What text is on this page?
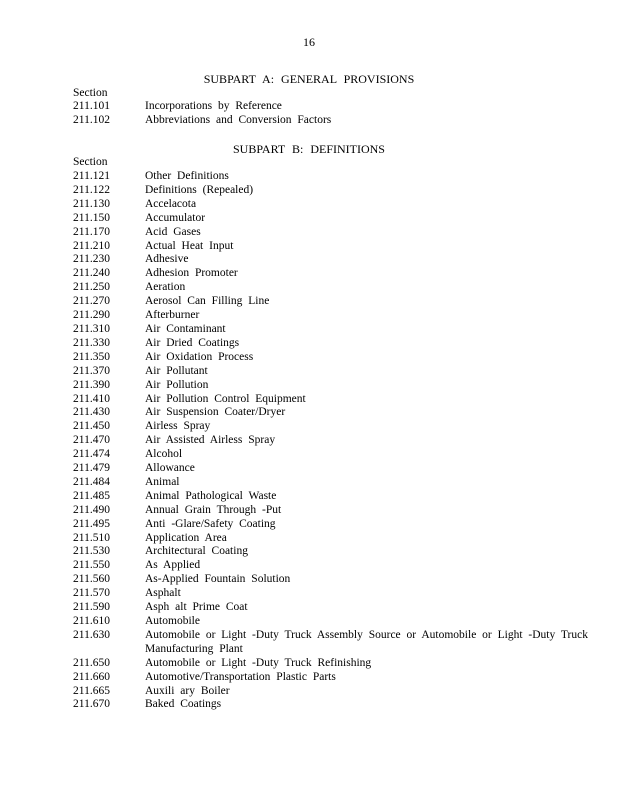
16
SUBPART A: GENERAL PROVISIONS
Section
211.101	Incorporations by Reference
211.102	Abbreviations and Conversion Factors
SUBPART B: DEFINITIONS
Section
211.121	Other Definitions
211.122	Definitions (Repealed)
211.130	Accelacota
211.150	Accumulator
211.170	Acid Gases
211.210	Actual Heat Input
211.230	Adhesive
211.240	Adhesion Promoter
211.250	Aeration
211.270	Aerosol Can Filling Line
211.290	Afterburner
211.310	Air Contaminant
211.330	Air Dried Coatings
211.350	Air Oxidation Process
211.370	Air Pollutant
211.390	Air Pollution
211.410	Air Pollution Control Equipment
211.430	Air Suspension Coater/Dryer
211.450	Airless Spray
211.470	Air Assisted Airless Spray
211.474	Alcohol
211.479	Allowance
211.484	Animal
211.485	Animal Pathological Waste
211.490	Annual Grain Through -Put
211.495	Anti -Glare/Safety Coating
211.510	Application Area
211.530	Architectural Coating
211.550	As Applied
211.560	As-Applied Fountain Solution
211.570	Asphalt
211.590	Asph alt Prime Coat
211.610	Automobile
211.630	Automobile or Light -Duty Truck Assembly Source or Automobile or Light -Duty Truck Manufacturing Plant
211.650	Automobile or Light -Duty Truck Refinishing
211.660	Automotive/Transportation Plastic Parts
211.665	Auxili ary Boiler
211.670	Baked Coatings
